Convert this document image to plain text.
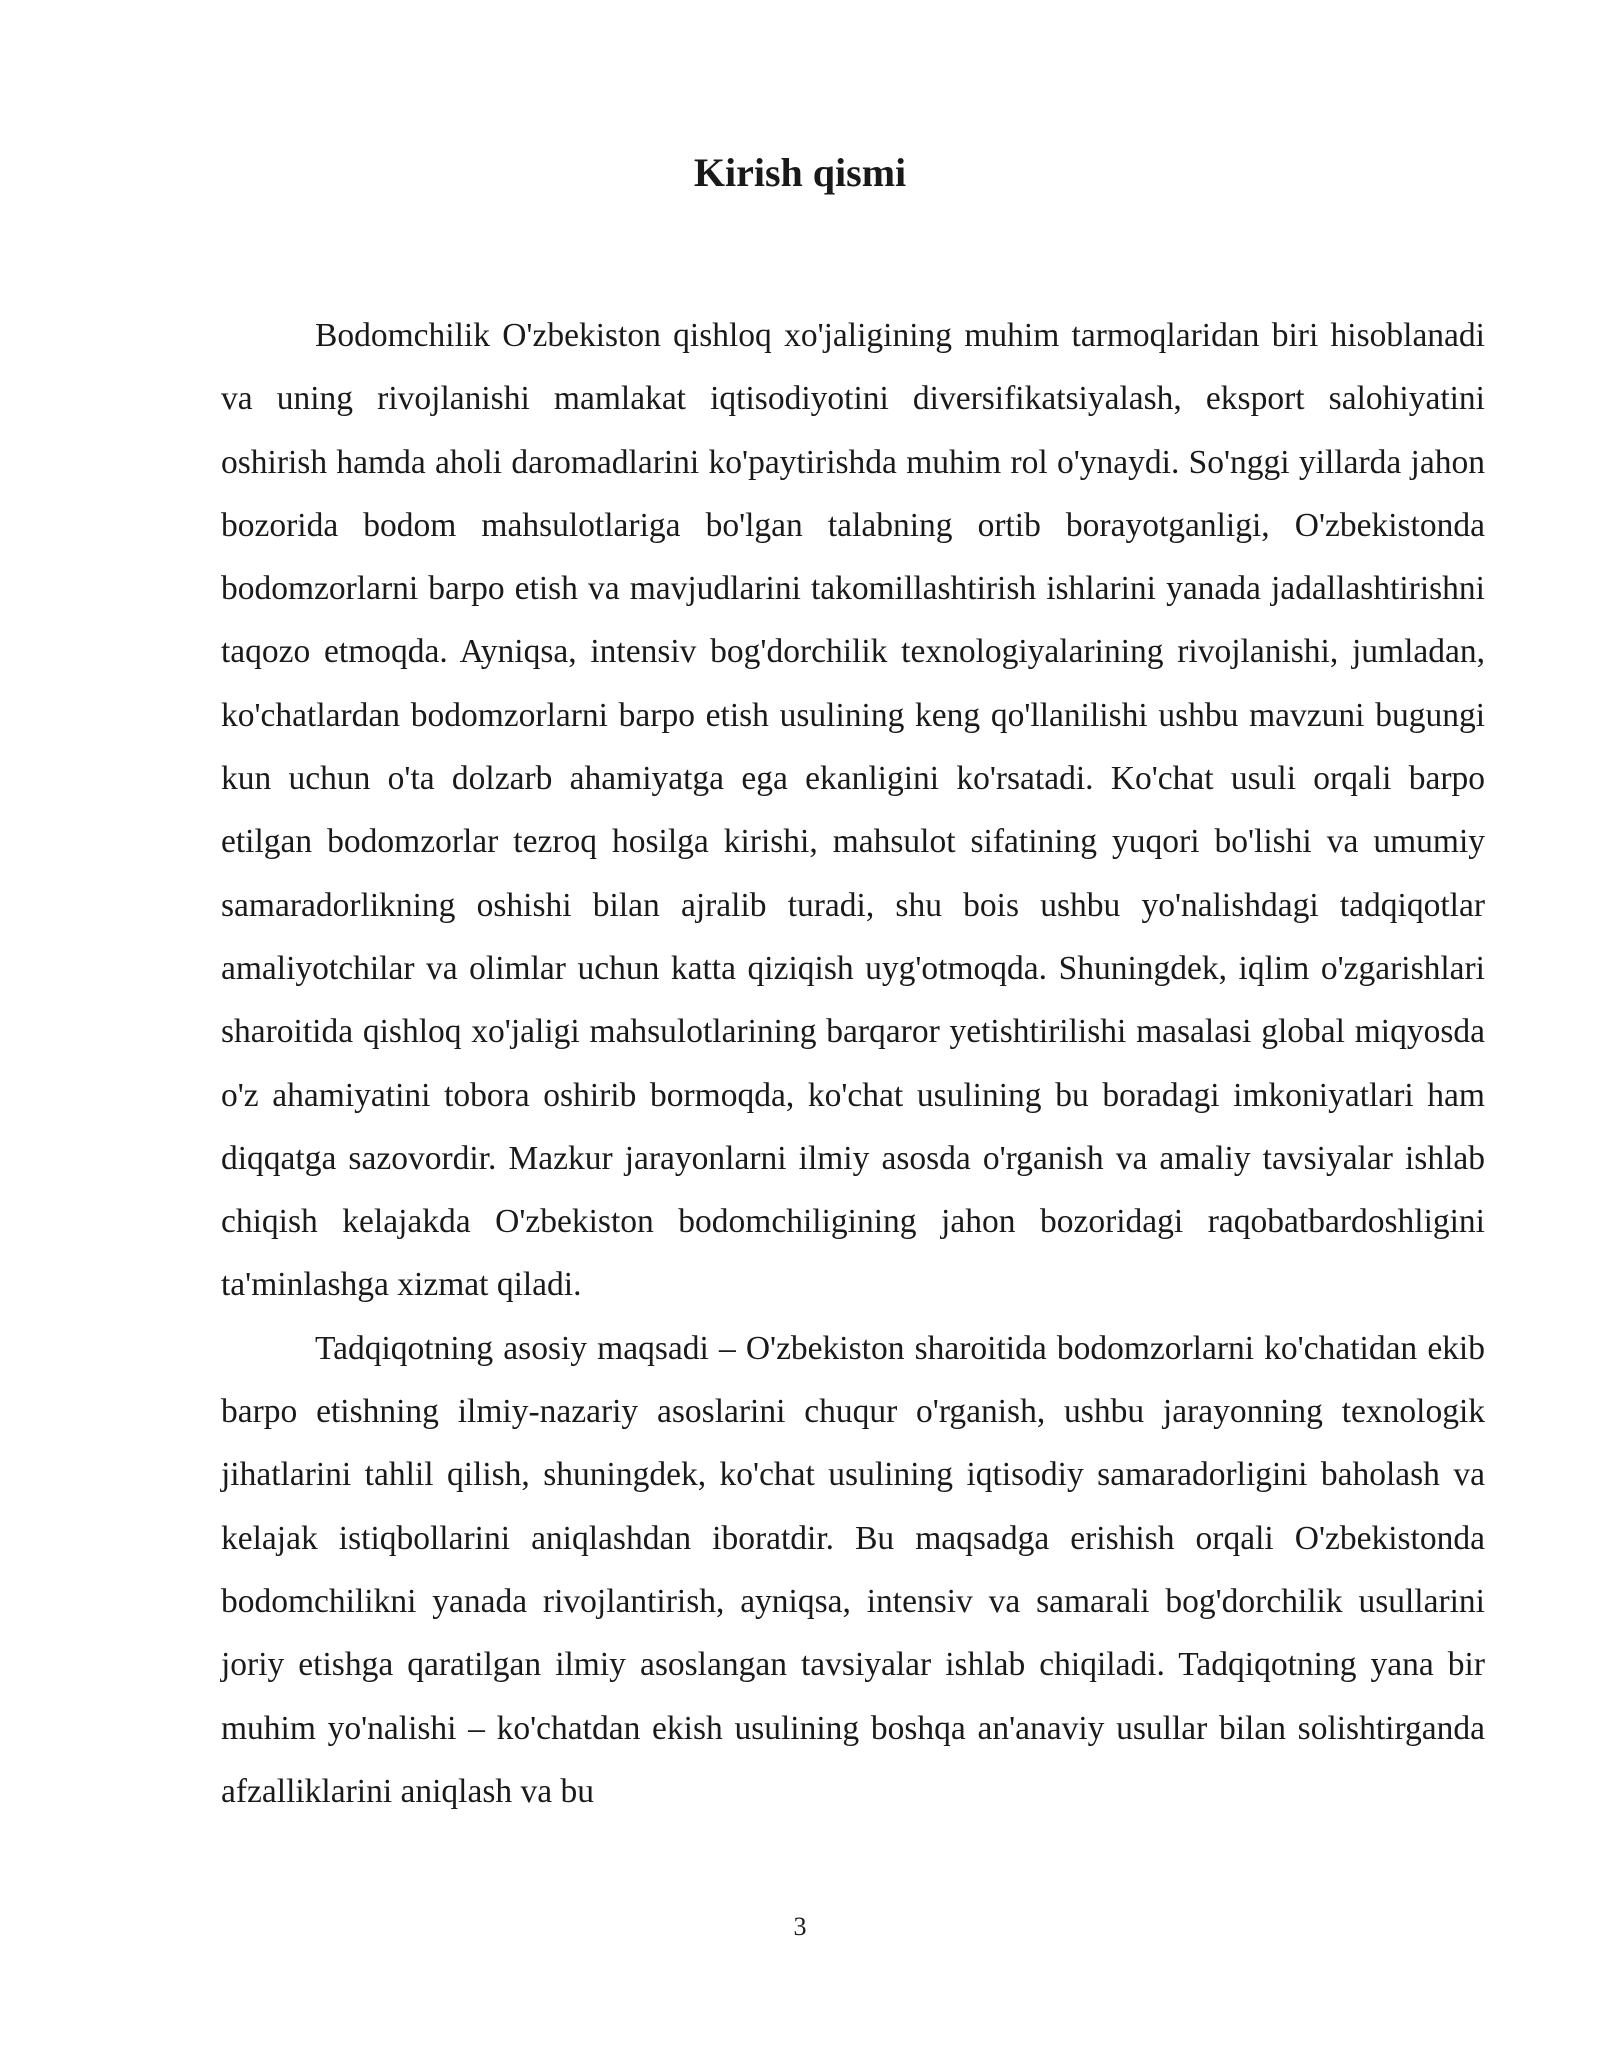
Kirish qismi

Bodomchilik O'zbekiston qishloq xo'jaligining muhim tarmoqlaridan biri hisoblanadi va uning rivojlanishi mamlakat iqtisodiyotini diversifikatsiyalash, eksport salohiyatini oshirish hamda aholi daromadlarini ko'paytirishda muhim rol o'ynaydi. So'nggi yillarda jahon bozorida bodom mahsulotlariga bo'lgan talabning ortib borayotganligi, O'zbekistonda bodomzorlarni barpo etish va mavjudlarini takomillashtirish ishlarini yanada jadallashtirishni taqozo etmoqda. Ayniqsa, intensiv bog'dorchilik texnologiyalarining rivojlanishi, jumladan, ko'chatlardan bodomzorlarni barpo etish usulining keng qo'llanilishi ushbu mavzuni bugungi kun uchun o'ta dolzarb ahamiyatga ega ekanligini ko'rsatadi. Ko'chat usuli orqali barpo etilgan bodomzorlar tezroq hosilga kirishi, mahsulot sifatining yuqori bo'lishi va umumiy samaradorlikning oshishi bilan ajralib turadi, shu bois ushbu yo'nalishdagi tadqiqotlar amaliyotchilar va olimlar uchun katta qiziqish uyg'otmoqda. Shuningdek, iqlim o'zgarishlari sharoitida qishloq xo'jaligi mahsulotlarining barqaror yetishtirilishi masalasi global miqyosda o'z ahamiyatini tobora oshirib bormoqda, ko'chat usulining bu boradagi imkoniyatlari ham diqqatga sazovordir. Mazkur jarayonlarni ilmiy asosda o'rganish va amaliy tavsiyalar ishlab chiqish kelajakda O'zbekiston bodomchiligining jahon bozoridagi raqobatbardoshligini ta'minlashga xizmat qiladi.

Tadqiqotning asosiy maqsadi – O'zbekiston sharoitida bodomzorlarni ko'chatidan ekib barpo etishning ilmiy-nazariy asoslarini chuqur o'rganish, ushbu jarayonning texnologik jihatlarini tahlil qilish, shuningdek, ko'chat usulining iqtisodiy samaradorligini baholash va kelajak istiqbollarini aniqlashdan iboratdir. Bu maqsadga erishish orqali O'zbekistonda bodomchilikni yanada rivojlantirish, ayniqsa, intensiv va samarali bog'dorchilik usullarini joriy etishga qaratilgan ilmiy asoslangan tavsiyalar ishlab chiqiladi. Tadqiqotning yana bir muhim yo'nalishi – ko'chatdan ekish usulining boshqa an'anaviy usullar bilan solishtirganda afzalliklarini aniqlash va bu

3
